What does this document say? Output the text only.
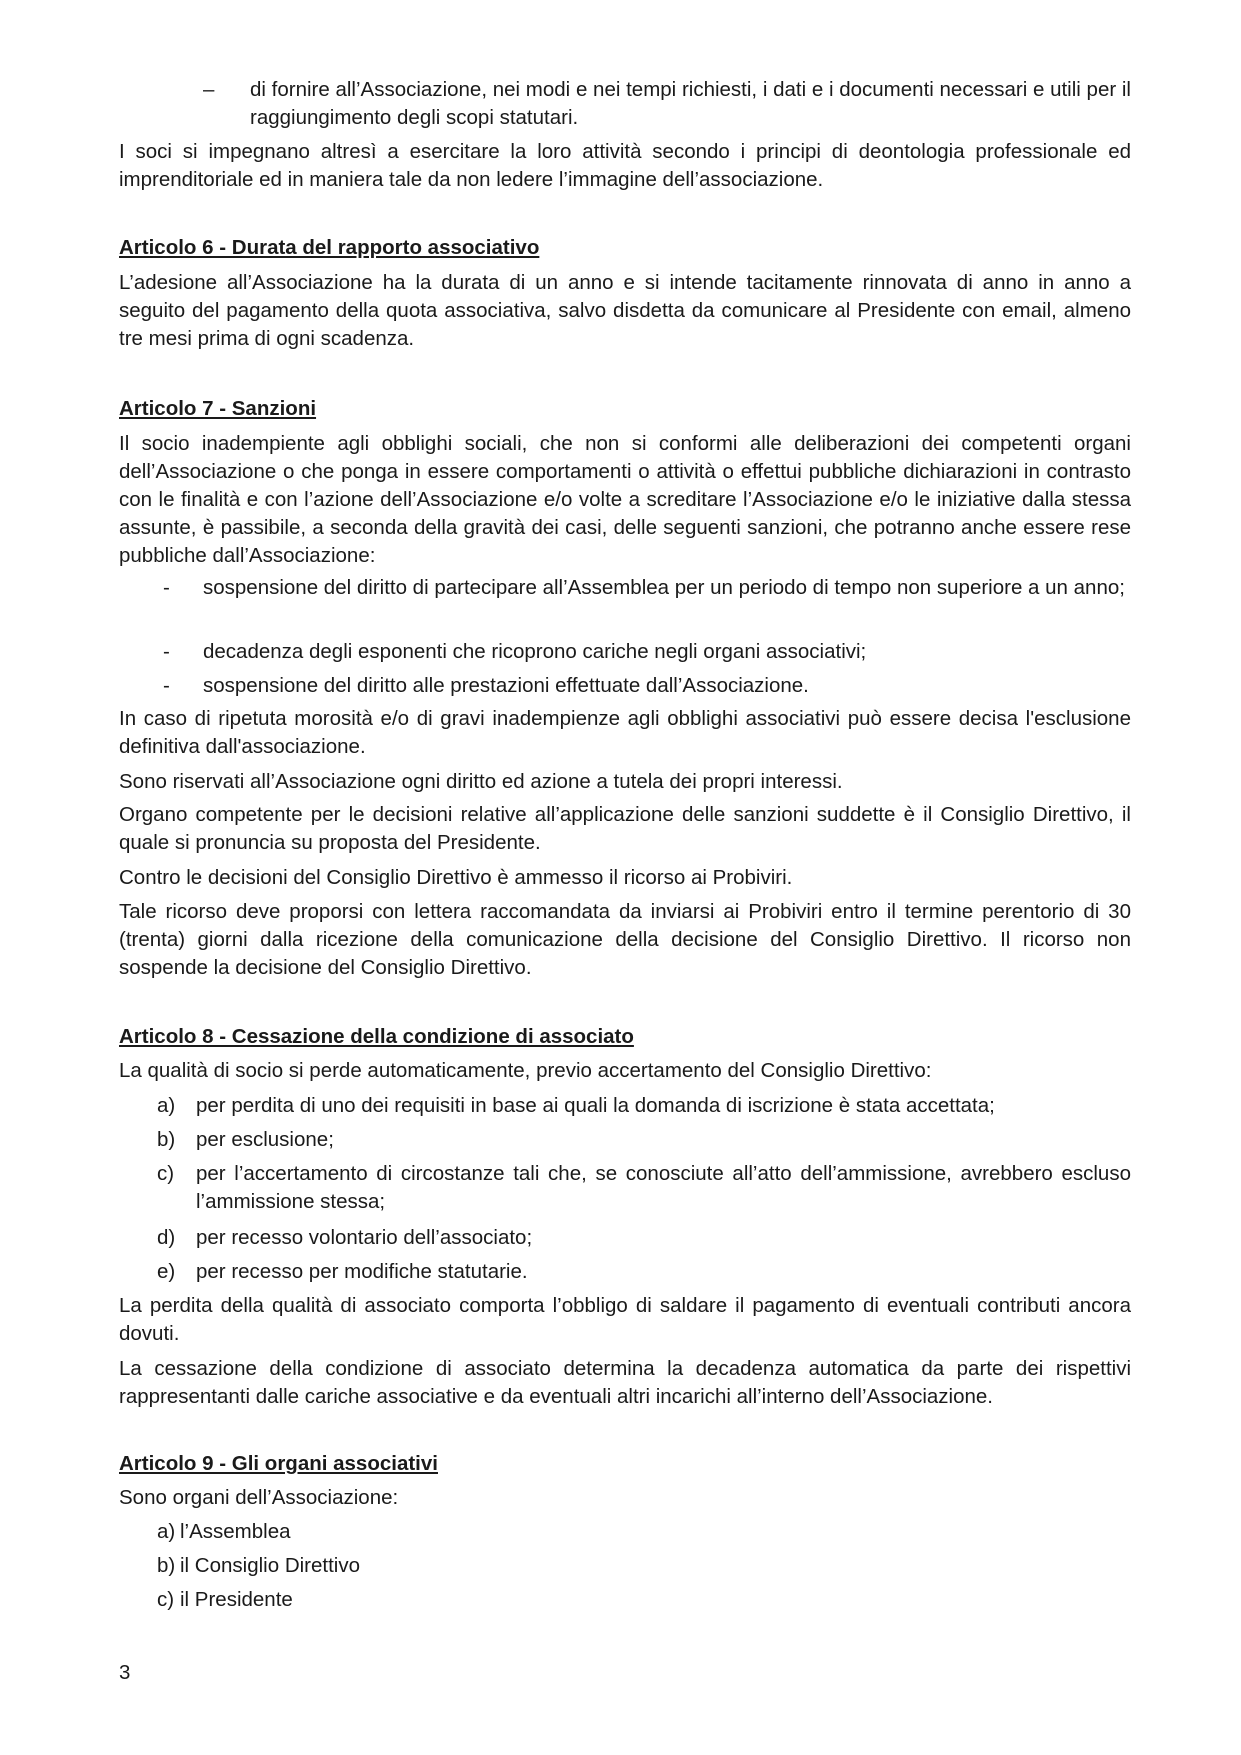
– di fornire all’Associazione, nei modi e nei tempi richiesti, i dati e i documenti necessari e utili per il raggiungimento degli scopi statutari.

I soci si impegnano altresì a esercitare la loro attività secondo i principi di deontologia professionale ed imprenditoriale ed in maniera tale da non ledere l’immagine dell’associazione.

Articolo 6 - Durata del rapporto associativo

L’adesione all’Associazione ha la durata di un anno e si intende tacitamente rinnovata di anno in anno a seguito del pagamento della quota associativa, salvo disdetta da comunicare al Presidente con email, almeno tre mesi prima di ogni scadenza.

Articolo 7 - Sanzioni

Il socio inadempiente agli obblighi sociali, che non si conformi alle deliberazioni dei competenti organi dell’Associazione o che ponga in essere comportamenti o attività o effettui pubbliche dichiarazioni in contrasto con le finalità e con l’azione dell’Associazione e/o volte a screditare l’Associazione e/o le iniziative dalla stessa assunte, è passibile, a seconda della gravità dei casi, delle seguenti sanzioni, che potranno anche essere rese pubbliche dall’Associazione:

- sospensione del diritto di partecipare all’Assemblea per un periodo di tempo non superiore a un anno;
- decadenza degli esponenti che ricoprono cariche negli organi associativi;
- sospensione del diritto alle prestazioni effettuate dall’Associazione.

In caso di ripetuta morosità e/o di gravi inadempienze agli obblighi associativi può essere decisa l'esclusione definitiva dall'associazione.

Sono riservati all’Associazione ogni diritto ed azione a tutela dei propri interessi.

Organo competente per le decisioni relative all’applicazione delle sanzioni suddette è il Consiglio Direttivo, il quale si pronuncia su proposta del Presidente.

Contro le decisioni del Consiglio Direttivo è ammesso il ricorso ai Probiviri.

Tale ricorso deve proporsi con lettera raccomandata da inviarsi ai Probiviri entro il termine perentorio di 30 (trenta) giorni dalla ricezione della comunicazione della decisione del Consiglio Direttivo. Il ricorso non sospende la decisione del Consiglio Direttivo.

Articolo 8 - Cessazione della condizione di associato

La qualità di socio si perde automaticamente, previo accertamento del Consiglio Direttivo:

a) per perdita di uno dei requisiti in base ai quali la domanda di iscrizione è stata accettata;
b) per esclusione;
c) per l’accertamento di circostanze tali che, se conosciute all’atto dell’ammissione, avrebbero escluso l’ammissione stessa;
d) per recesso volontario dell’associato;
e) per recesso per modifiche statutarie.

La perdita della qualità di associato comporta l’obbligo di saldare il pagamento di eventuali contributi ancora dovuti.

La cessazione della condizione di associato determina la decadenza automatica da parte dei rispettivi rappresentanti dalle cariche associative e da eventuali altri incarichi all’interno dell’Associazione.

Articolo 9 - Gli organi associativi

Sono organi dell’Associazione:

a) l’Assemblea
b) il Consiglio Direttivo
c) il Presidente
3
